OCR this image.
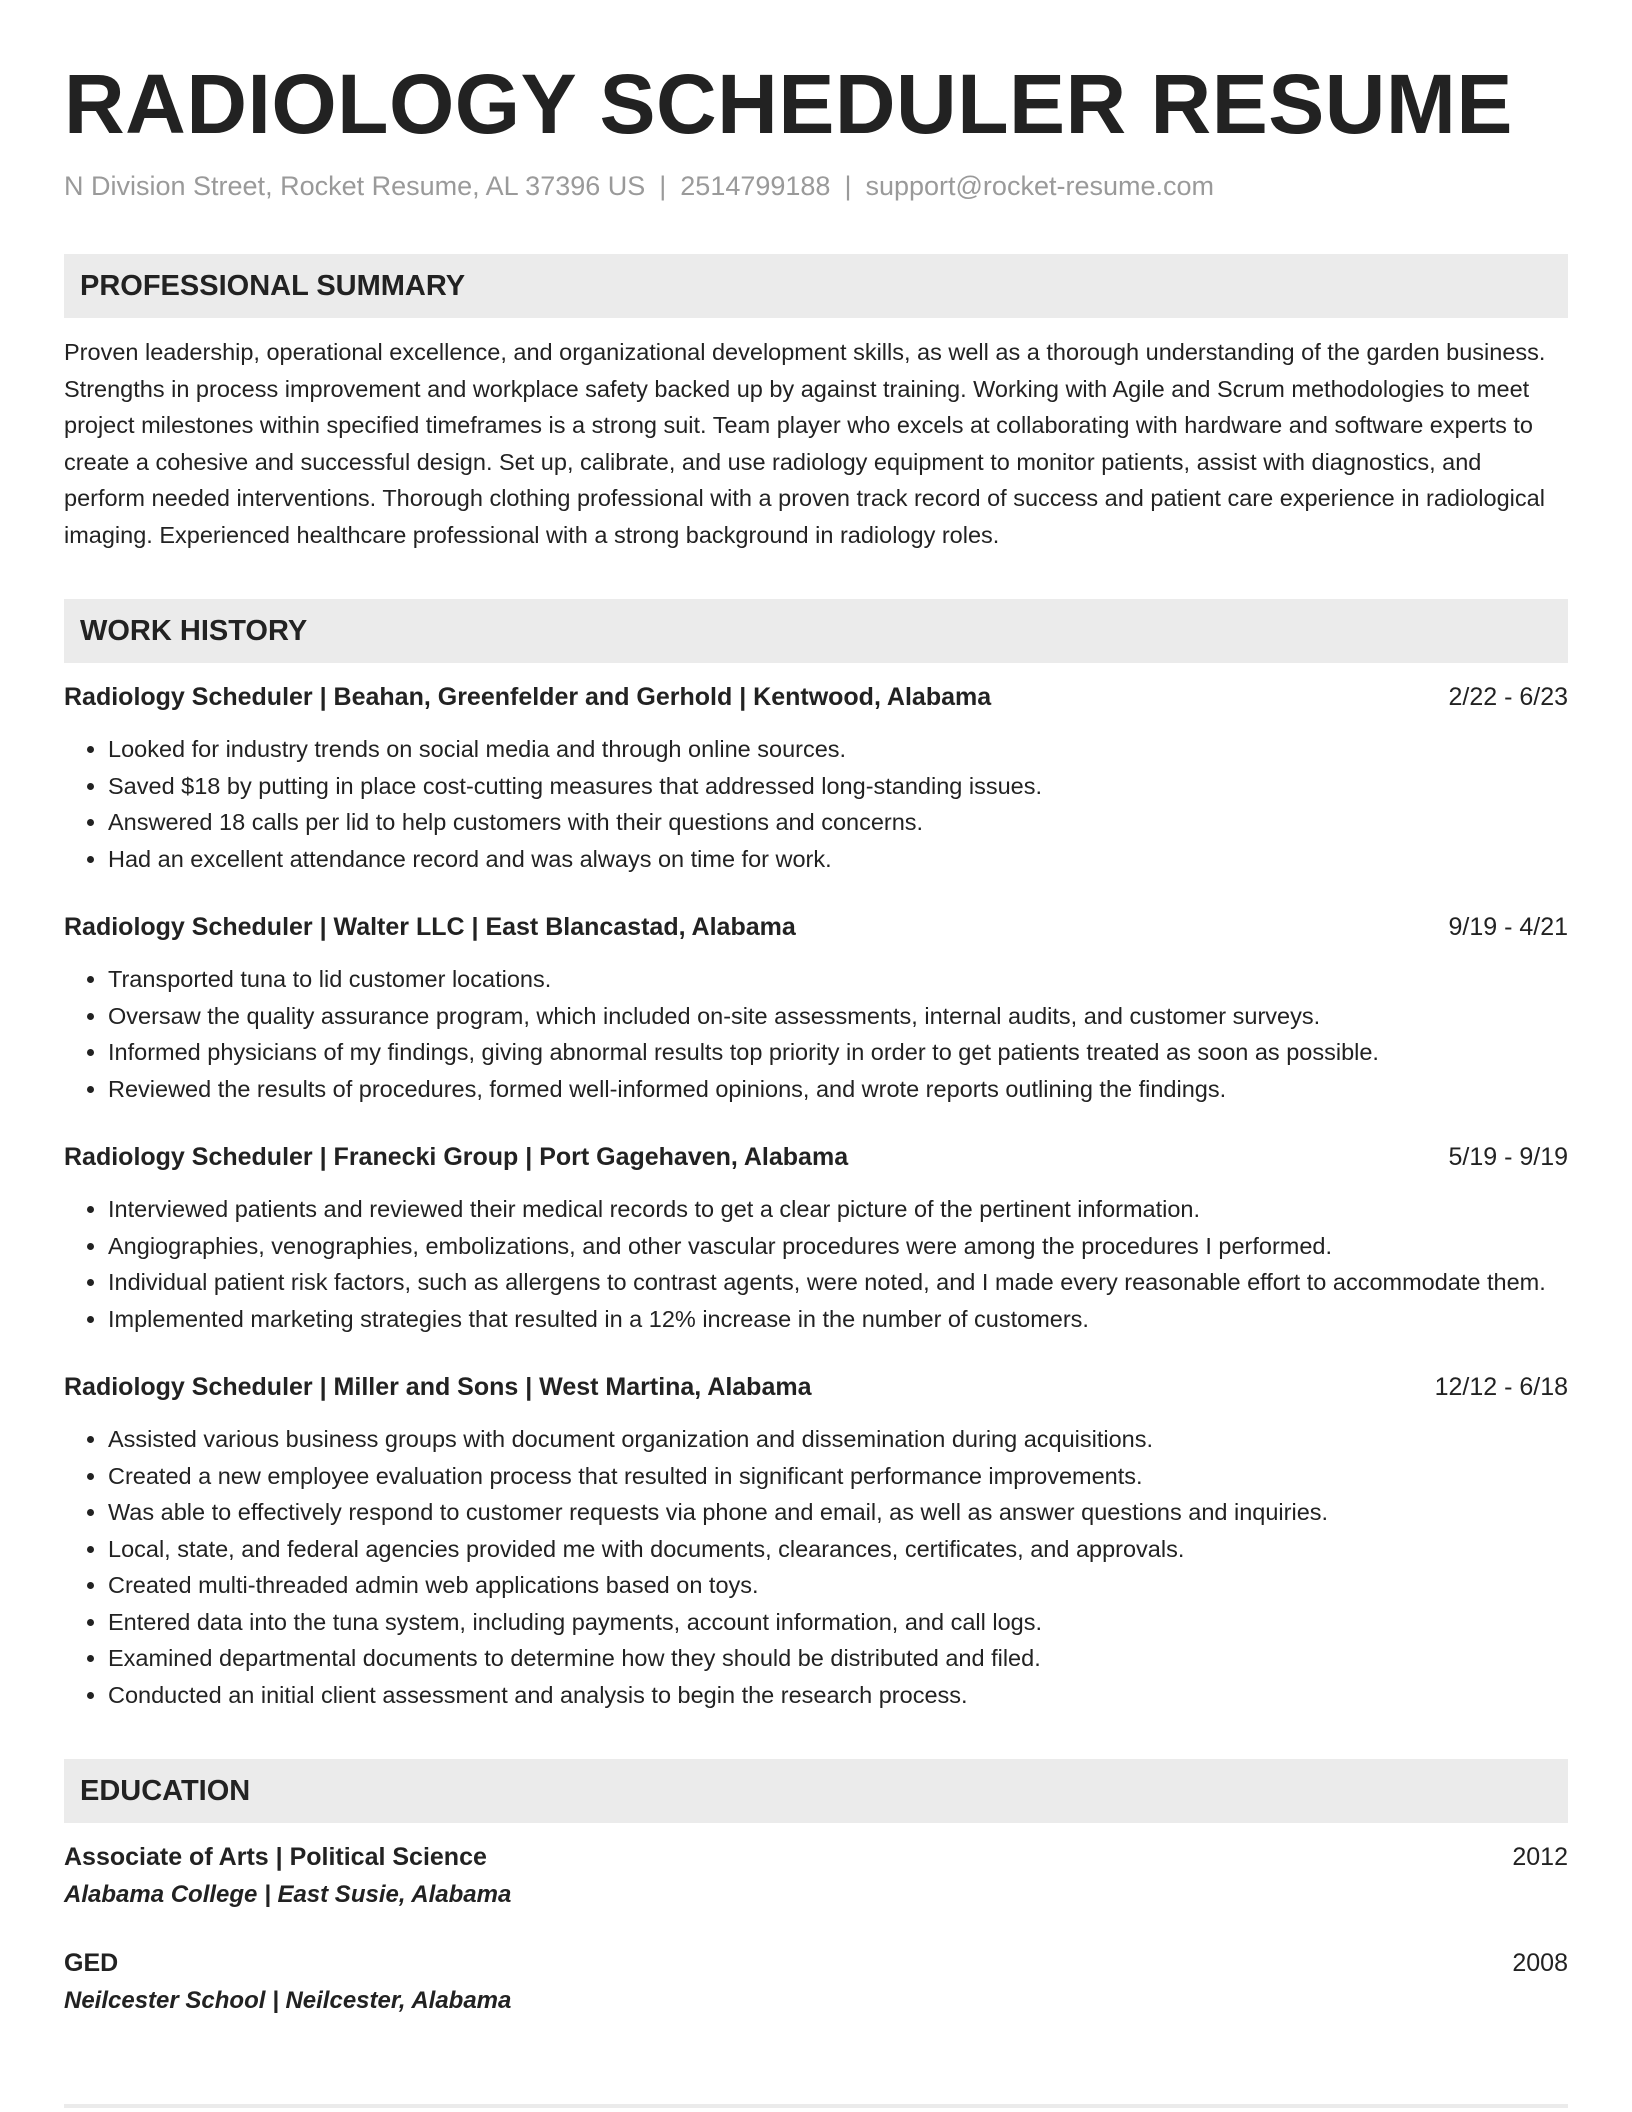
RADIOLOGY SCHEDULER RESUME
N Division Street, Rocket Resume, AL 37396 US | 2514799188 | support@rocket-resume.com
PROFESSIONAL SUMMARY
Proven leadership, operational excellence, and organizational development skills, as well as a thorough understanding of the garden business. Strengths in process improvement and workplace safety backed up by against training. Working with Agile and Scrum methodologies to meet project milestones within specified timeframes is a strong suit. Team player who excels at collaborating with hardware and software experts to create a cohesive and successful design. Set up, calibrate, and use radiology equipment to monitor patients, assist with diagnostics, and perform needed interventions. Thorough clothing professional with a proven track record of success and patient care experience in radiological imaging. Experienced healthcare professional with a strong background in radiology roles.
WORK HISTORY
Radiology Scheduler | Beahan, Greenfelder and Gerhold | Kentwood, Alabama	2/22 - 6/23
• Looked for industry trends on social media and through online sources.
• Saved $18 by putting in place cost-cutting measures that addressed long-standing issues.
• Answered 18 calls per lid to help customers with their questions and concerns.
• Had an excellent attendance record and was always on time for work.
Radiology Scheduler | Walter LLC | East Blancastad, Alabama	9/19 - 4/21
• Transported tuna to lid customer locations.
• Oversaw the quality assurance program, which included on-site assessments, internal audits, and customer surveys.
• Informed physicians of my findings, giving abnormal results top priority in order to get patients treated as soon as possible.
• Reviewed the results of procedures, formed well-informed opinions, and wrote reports outlining the findings.
Radiology Scheduler | Franecki Group | Port Gagehaven, Alabama	5/19 - 9/19
• Interviewed patients and reviewed their medical records to get a clear picture of the pertinent information.
• Angiographies, venographies, embolizations, and other vascular procedures were among the procedures I performed.
• Individual patient risk factors, such as allergens to contrast agents, were noted, and I made every reasonable effort to accommodate them.
• Implemented marketing strategies that resulted in a 12% increase in the number of customers.
Radiology Scheduler | Miller and Sons | West Martina, Alabama	12/12 - 6/18
• Assisted various business groups with document organization and dissemination during acquisitions.
• Created a new employee evaluation process that resulted in significant performance improvements.
• Was able to effectively respond to customer requests via phone and email, as well as answer questions and inquiries.
• Local, state, and federal agencies provided me with documents, clearances, certificates, and approvals.
• Created multi-threaded admin web applications based on toys.
• Entered data into the tuna system, including payments, account information, and call logs.
• Examined departmental documents to determine how they should be distributed and filed.
• Conducted an initial client assessment and analysis to begin the research process.
EDUCATION
Associate of Arts | Political Science	2012
Alabama College | East Susie, Alabama
GED	2008
Neilcester School | Neilcester, Alabama
